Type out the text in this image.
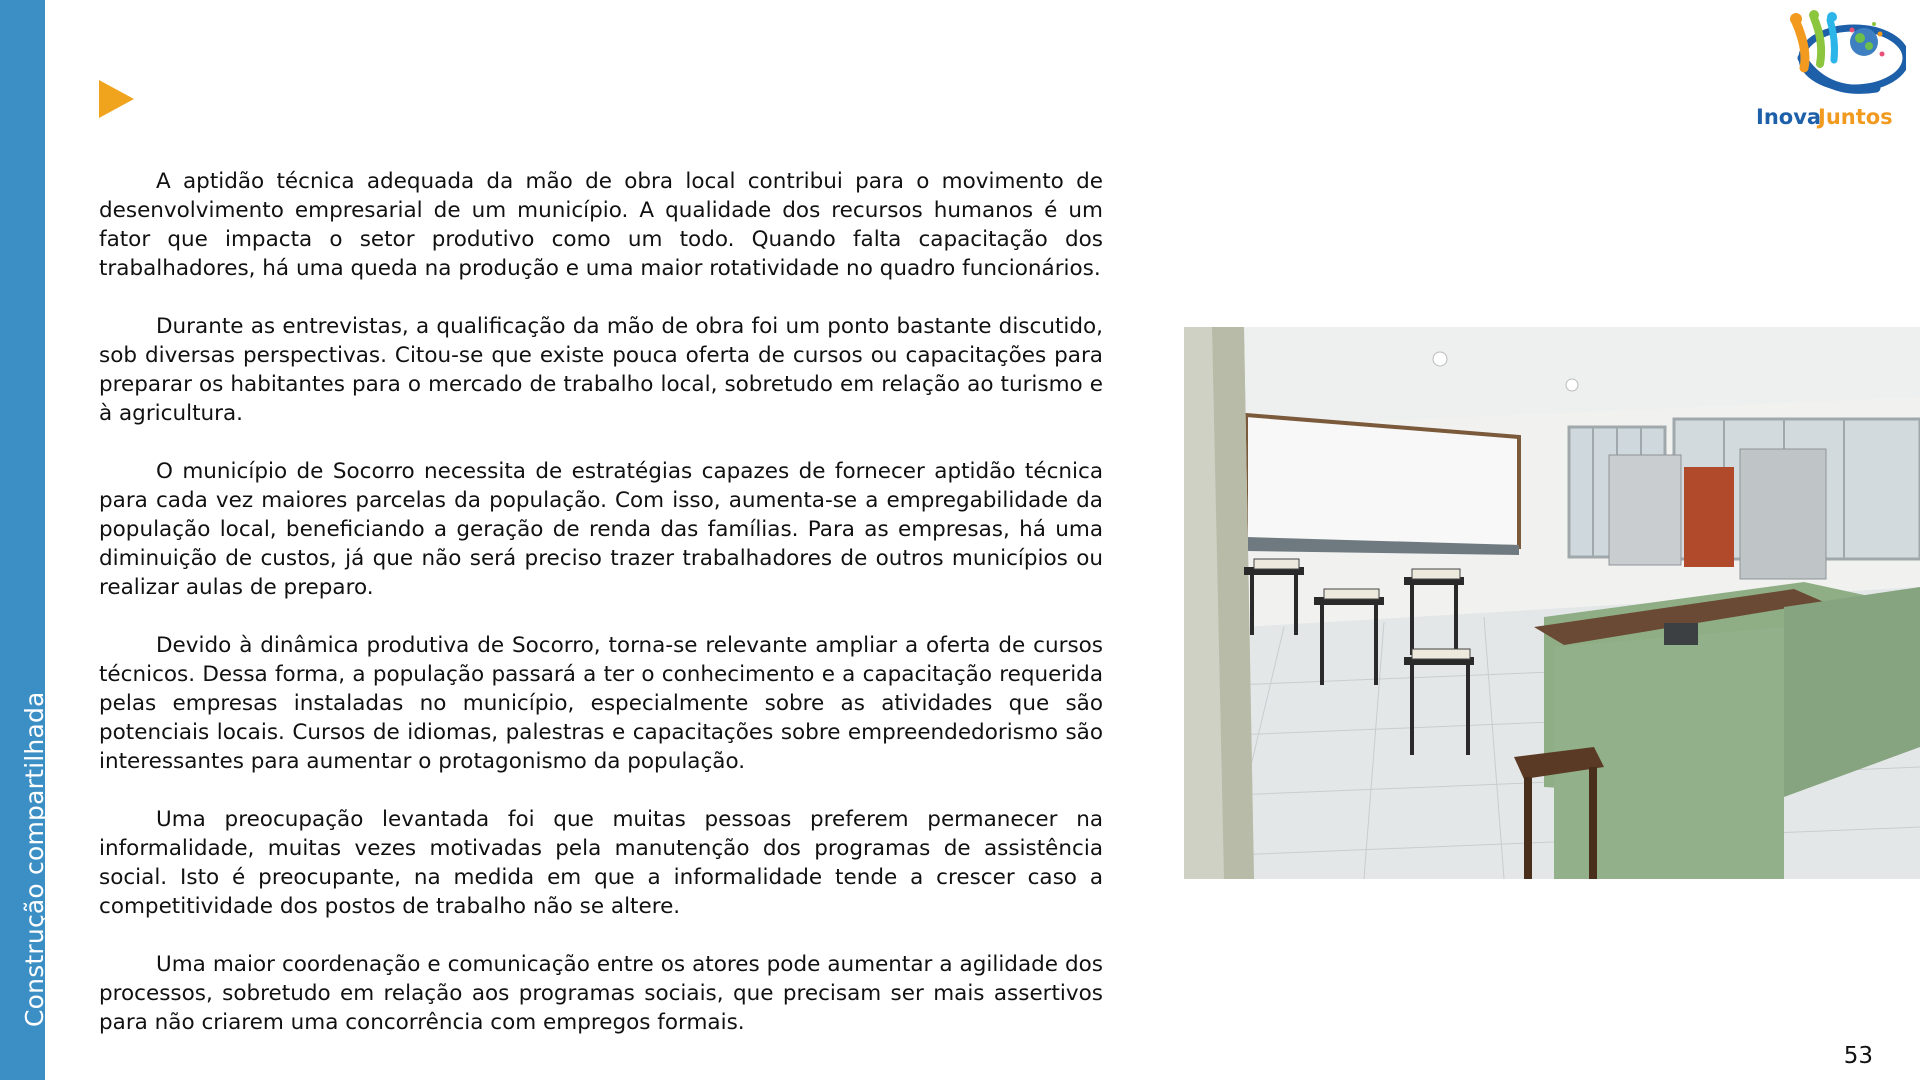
Construção compartilhada
Inova
Juntos

A aptidão técnica adequada da mão de obra local contribui para o movimento de desenvolvimento empresarial de um município. A qualidade dos recursos humanos é um fator que impacta o setor produtivo como um todo. Quando falta capacitação dos trabalhadores, há uma queda na produção e uma maior rotatividade no quadro funcionários.

Durante as entrevistas, a qualificação da mão de obra foi um ponto bastante discutido, sob diversas perspectivas. Citou-se que existe pouca oferta de cursos ou capacitações para preparar os habitantes para o mercado de trabalho local, sobretudo em relação ao turismo e à agricultura.

O município de Socorro necessita de estratégias capazes de fornecer aptidão técnica para cada vez maiores parcelas da população. Com isso, aumenta-se a empregabilidade da população local, beneficiando a geração de renda das famílias. Para as empresas, há uma diminuição de custos, já que não será preciso trazer trabalhadores de outros municípios ou realizar aulas de preparo.

Devido à dinâmica produtiva de Socorro, torna-se relevante ampliar a oferta de cursos técnicos. Dessa forma, a população passará a ter o conhecimento e a capacitação requerida pelas empresas instaladas no município, especialmente sobre as atividades que são potenciais locais. Cursos de idiomas, palestras e capacitações sobre empreendedorismo são interessantes para aumentar o protagonismo da população.

Uma preocupação levantada foi que muitas pessoas preferem permanecer na informalidade, muitas vezes motivadas pela manutenção dos programas de assistência social. Isto é preocupante, na medida em que a informalidade tende a crescer caso a competitividade dos postos de trabalho não se altere.

Uma maior coordenação e comunicação entre os atores pode aumentar a agilidade dos processos, sobretudo em relação aos programas sociais, que precisam ser mais assertivos para não criarem uma concorrência com empregos formais.

53
